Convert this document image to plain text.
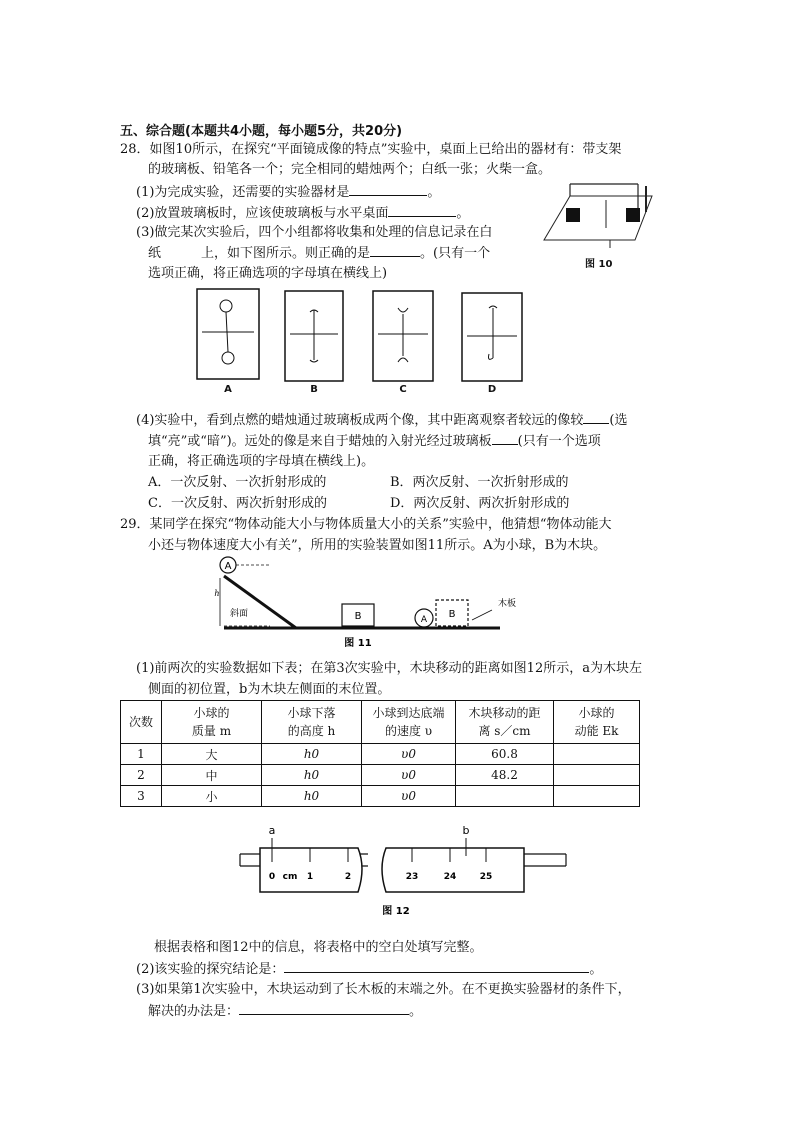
五、综合题(本题共4小题，每小题5分，共20分)
28．如图10所示，在探究“平面镜成像的特点”实验中，桌面上已给出的器材有：带支架
的玻璃板、铅笔各一个；完全相同的蜡烛两个；白纸一张；火柴一盒。
(1)为完成实验，还需要的实验器材是	。
(2)放置玻璃板时，应该使玻璃板与水平桌面	。
(3)做完某次实验后，四个小组都将收集和处理的信息记录在白
纸	上，如下图所示。则正确的是	。(只有一个
选项正确，将正确选项的字母填在横线上)
图 10
A	B	C	D
(4)实验中，看到点燃的蜡烛通过玻璃板成两个像，其中距离观察者较远的像较 (选
填“亮”或“暗”)。远处的像是来自于蜡烛的入射光经过玻璃板 (只有一个选项
正确，将正确选项的字母填在横线上)。
A．一次反射、一次折射形成的	B．两次反射、一次折射形成的
C．一次反射、两次折射形成的	D．两次反射、两次折射形成的
29．某同学在探究“物体动能大小与物体质量大小的关系”实验中，他猜想“物体动能大
小还与物体速度大小有关”，所用的实验装置如图11所示。A为小球，B为木块。
A
h
斜面	B	A B
木板
图 11
(1)前两次的实验数据如下表；在第3次实验中，木块移动的距离如图12所示，a为木块左
侧面的初位置，b为木块左侧面的末位置。
次数	小球的
质量 m	小球下落
的高度 h	小球到达底端
的速度 υ	木块移动的距
离 s／cm	小球的
动能 Ek
1	大	h0	υ0	60.8	
2	中	h0	υ0	48.2	
3	小	h0	υ0		
a	b
0 cm 1	2	23	24	25
图 12
根据表格和图12中的信息，将表格中的空白处填写完整。
(2)该实验的探究结论是：	。
(3)如果第1次实验中，木块运动到了长木板的末端之外。在不更换实验器材的条件下，
解决的办法是：	。
